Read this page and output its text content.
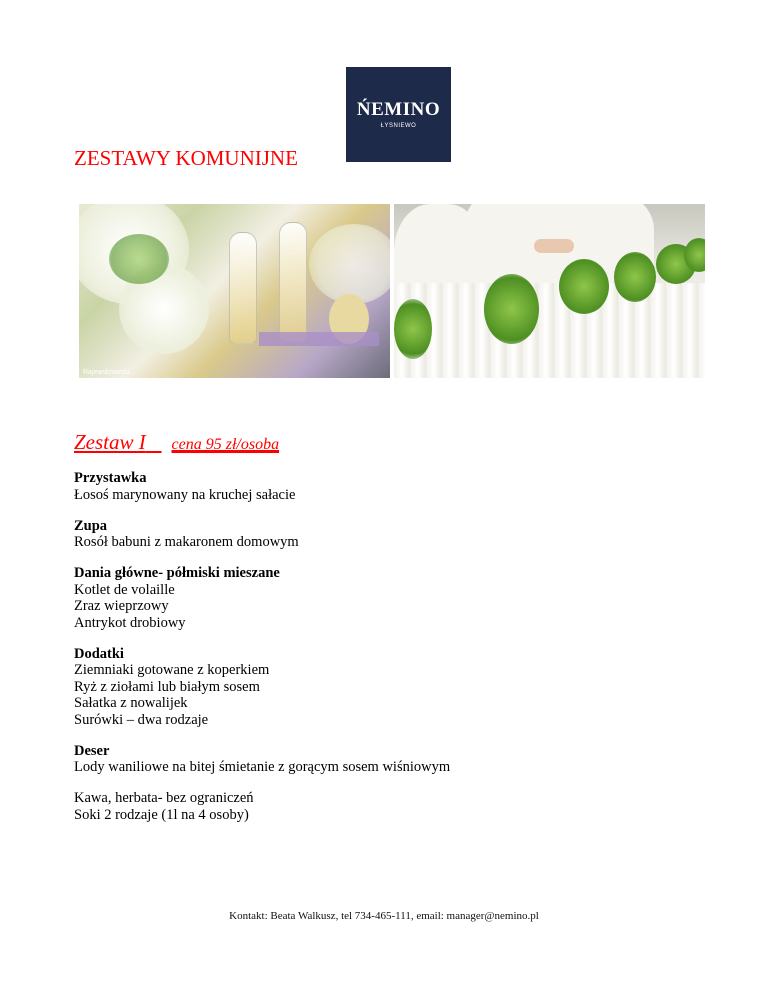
ŃEMINO
ŁYSNIEWO
ZESTAWY KOMUNIJNE
Rajewskrowski...
Zestaw I cena 95 zł/osoba
Przystawka
Łosoś marynowany na kruchej sałacie
Zupa
Rosół babuni z makaronem domowym
Dania główne- półmiski mieszane
Kotlet de volaille
Zraz wieprzowy
Antrykot drobiowy
Dodatki
Ziemniaki gotowane z koperkiem
Ryż z ziołami lub białym sosem
Sałatka z nowalijek
Surówki – dwa rodzaje
Deser
Lody waniliowe na bitej śmietanie z gorącym sosem wiśniowym
Kawa, herbata- bez ograniczeń
Soki 2 rodzaje (1l na 4 osoby)
Kontakt: Beata Walkusz, tel 734-465-111, email: manager@nemino.pl
